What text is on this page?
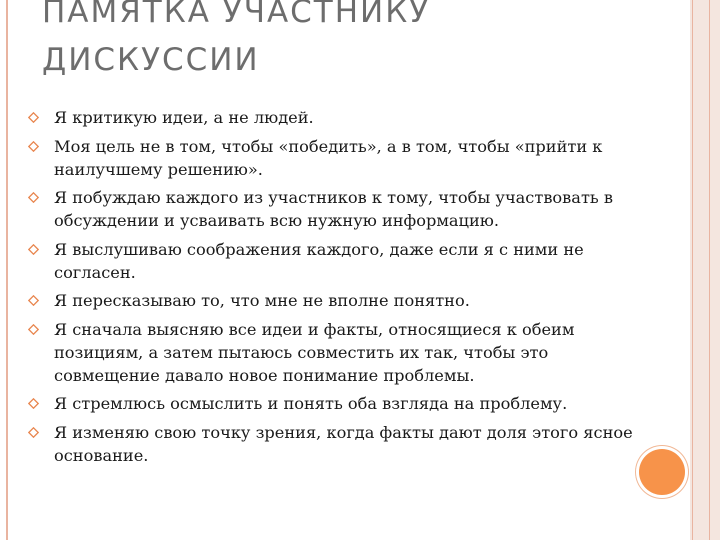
ПАМЯТКА УЧАСТНИКУ
ДИСКУССИИ
Я критикую идеи, а не людей.
Моя цель не в том, чтобы «победить», а в том, чтобы «прийти к наилучшему решению».
Я побуждаю каждого из участников к тому, чтобы участвовать в обсуждении и усваивать всю нужную информацию.
Я выслушиваю соображения каждого, даже если я с ними не согласен.
Я пересказываю то, что мне не вполне понятно.
Я сначала выясняю все идеи и факты, относящиеся к обеим позициям, а затем пытаюсь совместить их так, чтобы это совмещение давало новое понимание проблемы.
Я стремлюсь осмыслить и понять оба взгляда на проблему.
Я изменяю свою точку зрения, когда факты дают доля этого ясное основание.
